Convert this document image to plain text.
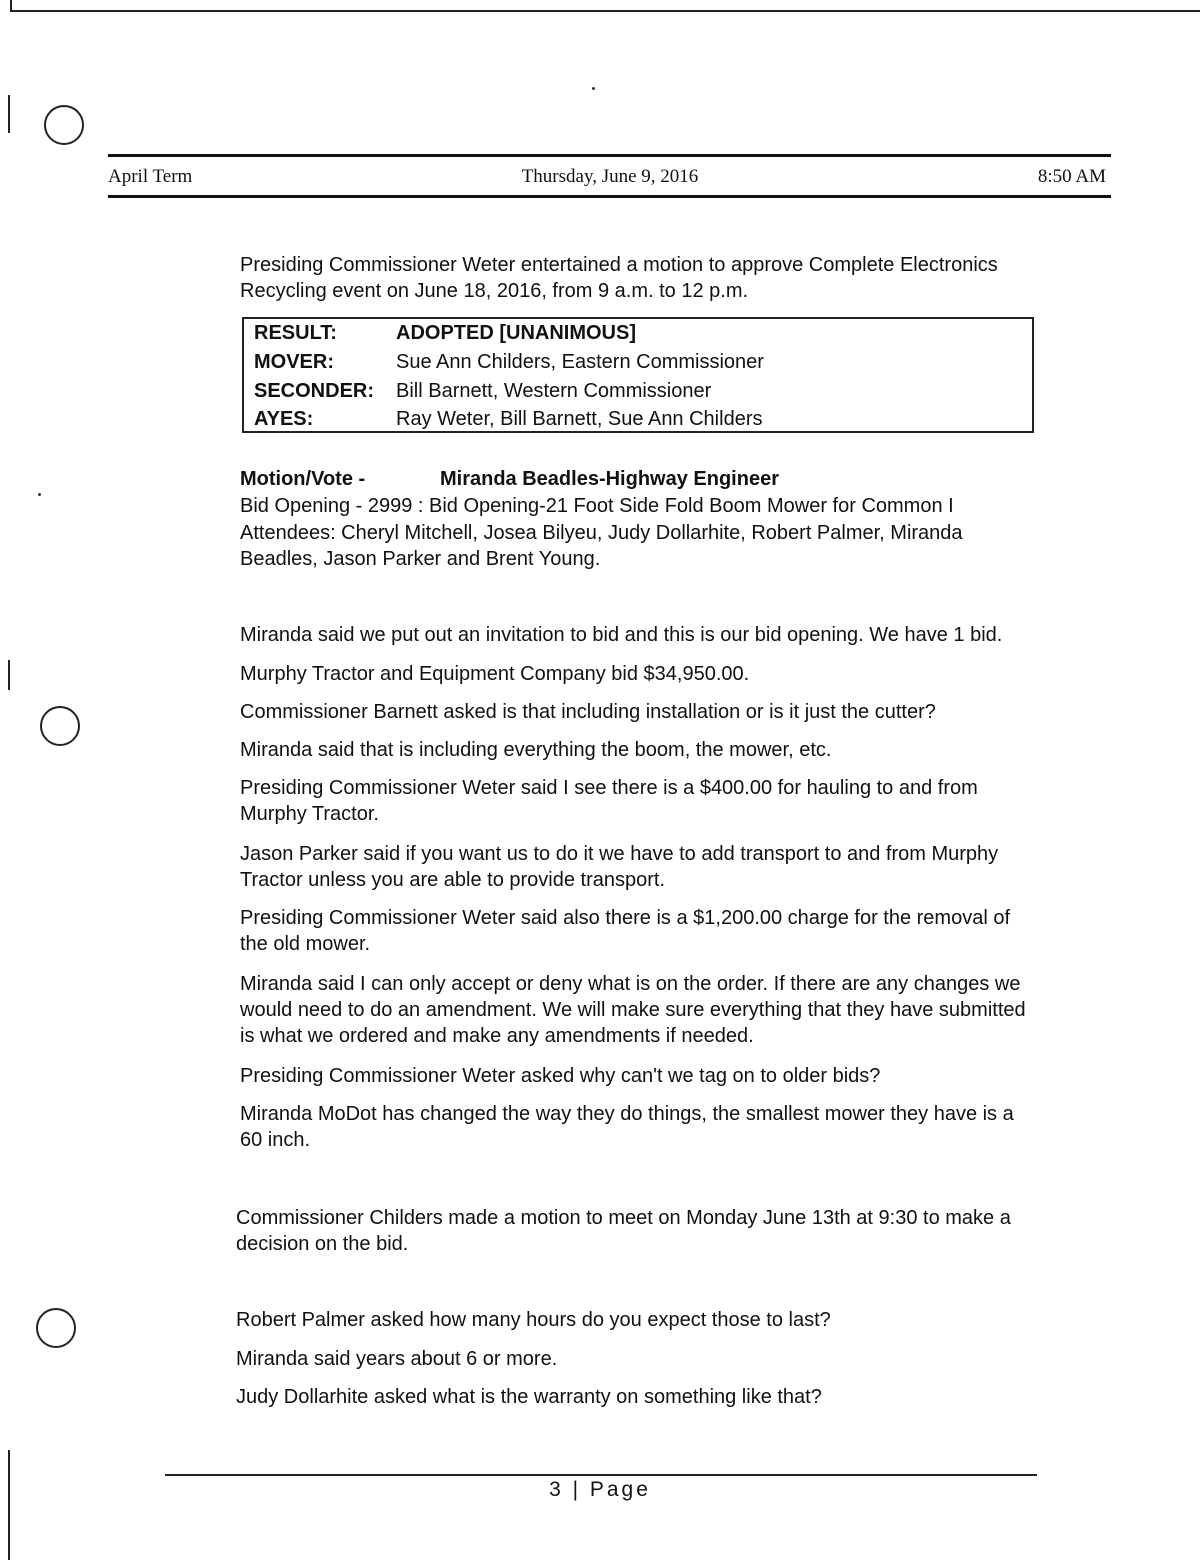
April Term	Thursday, June 9, 2016	8:50 AM

Presiding Commissioner Weter entertained a motion to approve Complete Electronics Recycling event on June 18, 2016, from 9 a.m. to 12 p.m.

RESULT:	ADOPTED [UNANIMOUS]
MOVER:	Sue Ann Childers, Eastern Commissioner
SECONDER: Bill Barnett, Western Commissioner
AYES:	Ray Weter, Bill Barnett, Sue Ann Childers
Motion/Vote -	Miranda Beadles-Highway Engineer

Bid Opening - 2999 : Bid Opening-21 Foot Side Fold Boom Mower for Common I

Attendees: Cheryl Mitchell, Josea Bilyeu, Judy Dollarhite, Robert Palmer, Miranda Beadles, Jason Parker and Brent Young.

Miranda said we put out an invitation to bid and this is our bid opening. We have 1 bid.

Murphy Tractor and Equipment Company bid $34,950.00.

Commissioner Barnett asked is that including installation or is it just the cutter?

Miranda said that is including everything the boom, the mower, etc.

Presiding Commissioner Weter said I see there is a $400.00 for hauling to and from Murphy Tractor.

Jason Parker said if you want us to do it we have to add transport to and from Murphy Tractor unless you are able to provide transport.

Presiding Commissioner Weter said also there is a $1,200.00 charge for the removal of the old mower.

Miranda said I can only accept or deny what is on the order. If there are any changes we would need to do an amendment. We will make sure everything that they have submitted is what we ordered and make any amendments if needed.

Presiding Commissioner Weter asked why can't we tag on to older bids?

Miranda MoDot has changed the way they do things, the smallest mower they have is a 60 inch.

Commissioner Childers made a motion to meet on Monday June 13th at 9:30 to make a decision on the bid.

Robert Palmer asked how many hours do you expect those to last?

Miranda said years about 6 or more.

Judy Dollarhite asked what is the warranty on something like that?

3 | Page
